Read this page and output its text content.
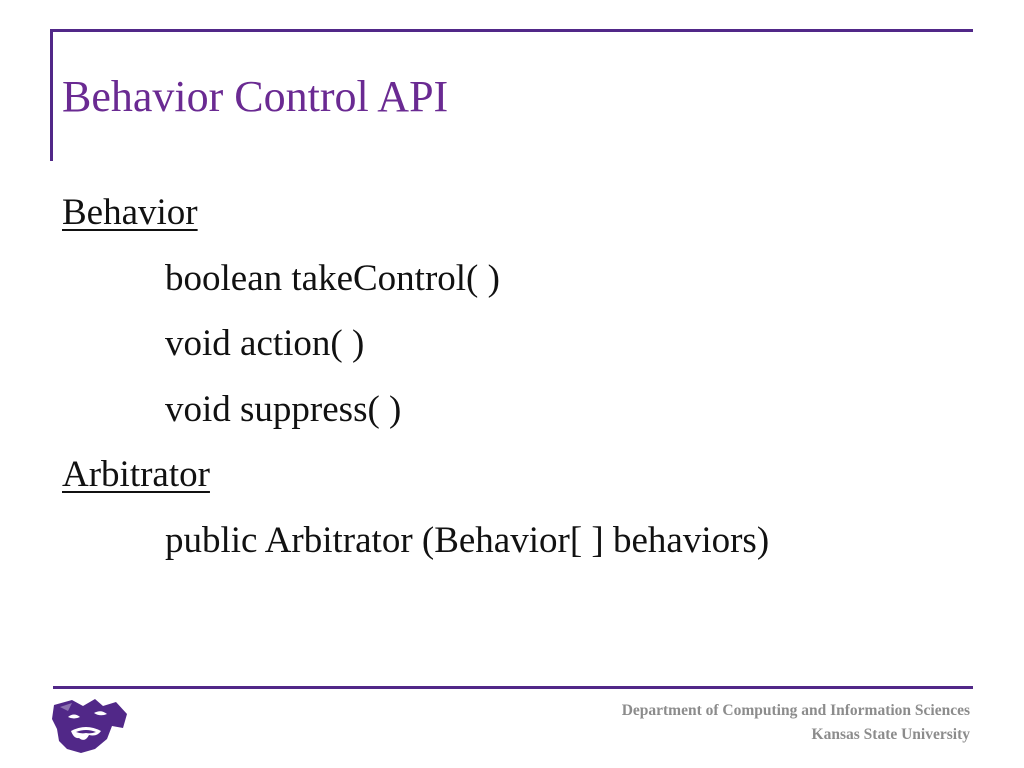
Behavior Control API
Behavior
boolean takeControl( )
void action( )
void suppress( )
Arbitrator
public Arbitrator (Behavior[ ] behaviors)
Department of Computing and Information Sciences
Kansas State University
